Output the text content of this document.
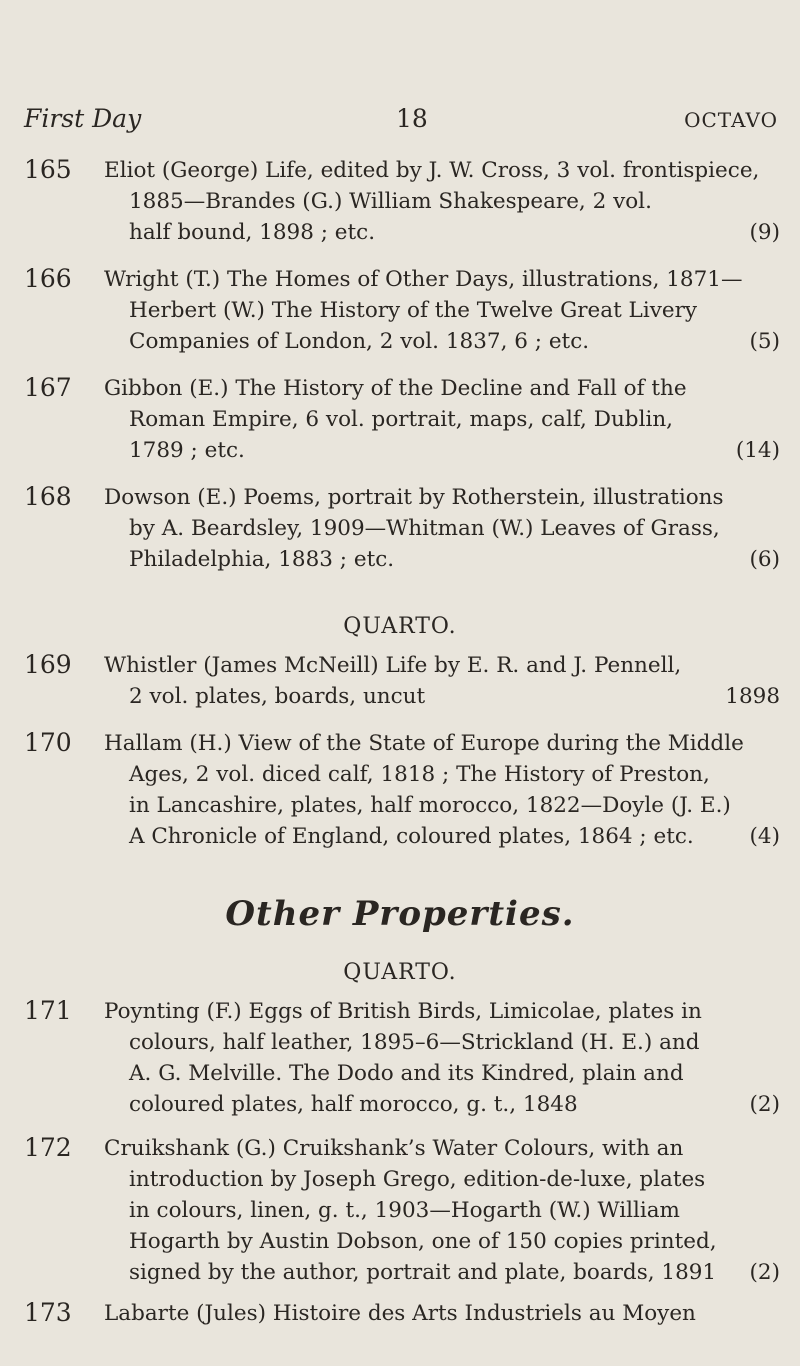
First Day	18	OCTAVO
165 Eliot (George) Life, edited by J. W. Cross, 3 vol. frontispiece,
1885—Brandes (G.) William Shakespeare, 2 vol.
half bound, 1898 ; etc.	(9)
166 Wright (T.) The Homes of Other Days, illustrations, 1871—
Herbert (W.) The History of the Twelve Great Livery
Companies of London, 2 vol. 1837, 6 ; etc.	(5)
167 Gibbon (E.) The History of the Decline and Fall of the
Roman Empire, 6 vol. portrait, maps, calf, Dublin,
1789 ; etc.	(14)
168 Dowson (E.) Poems, portrait by Rotherstein, illustrations
by A. Beardsley, 1909—Whitman (W.) Leaves of Grass,
Philadelphia, 1883 ; etc.	(6)
QUARTO.
169 Whistler (James McNeill) Life by E. R. and J. Pennell,
2 vol. plates, boards, uncut	1898
170 Hallam (H.) View of the State of Europe during the Middle
Ages, 2 vol. diced calf, 1818 ; The History of Preston,
in Lancashire, plates, half morocco, 1822—Doyle (J. E.)
A Chronicle of England, coloured plates, 1864 ; etc.	(4)
Other Properties.
QUARTO.
171 Poynting (F.) Eggs of British Birds, Limicolae, plates in
colours, half leather, 1895–6—Strickland (H. E.) and
A. G. Melville. The Dodo and its Kindred, plain and
coloured plates, half morocco, g. t., 1848	(2)
172 Cruikshank (G.) Cruikshank’s Water Colours, with an
introduction by Joseph Grego, edition-de-luxe, plates
in colours, linen, g. t., 1903—Hogarth (W.) William
Hogarth by Austin Dobson, one of 150 copies printed,
signed by the author, portrait and plate, boards, 1891 (2)
173 Labarte (Jules) Histoire des Arts Industriels au Moyen
